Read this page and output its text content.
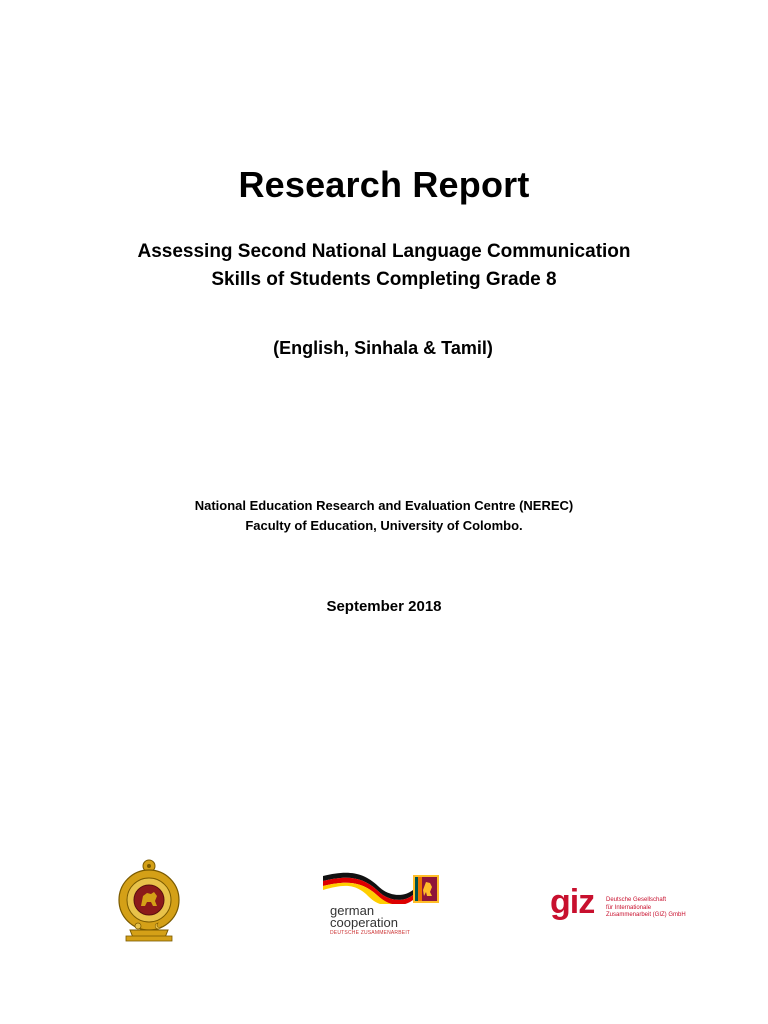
Research Report
Assessing Second National Language Communication
Skills of Students Completing Grade 8
(English, Sinhala & Tamil)
National Education Research and Evaluation Centre (NEREC)
Faculty of Education, University of Colombo.
September 2018
german
cooperation
DEUTSCHE ZUSAMMENARBEIT
giz Deutsche Gesellschaft
für Internationale
Zusammenarbeit (GIZ) GmbH
